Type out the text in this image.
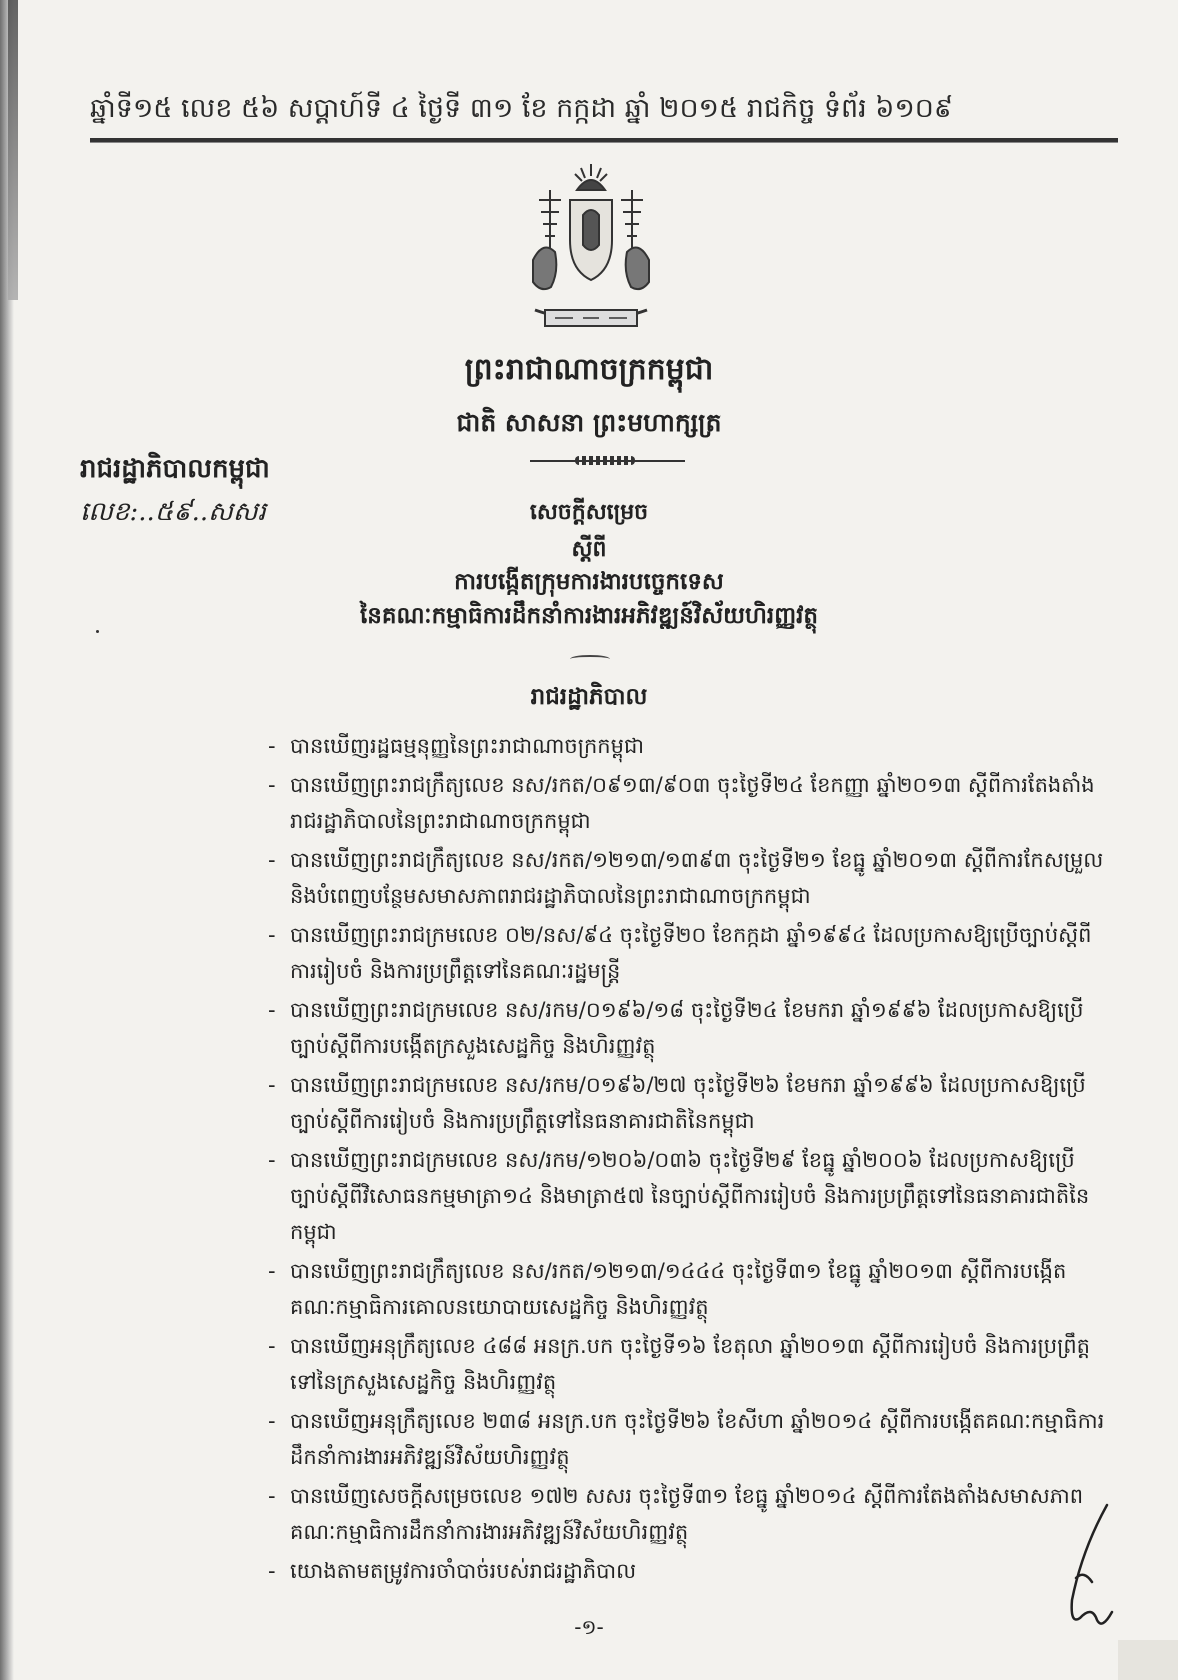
ឆ្នាំទី១៥ លេខ ៥៦ សប្តាហ៍ទី ៤ ថ្ងៃទី ៣១ ខែ កក្កដា ឆ្នាំ ២០១៥ រាជកិច្ច ទំព័រ ៦១០៩
ព្រះរាជាណាចក្រកម្ពុជា
ជាតិ សាសនា ព្រះមហាក្សត្រ
រាជរដ្ឋាភិបាលកម្ពុជា
លេខ:..៥៩..សសរ	សេចក្តីសម្រេច
ស្តីពី
ការបង្កើតក្រុមការងារបច្ចេកទេស
នៃគណៈកម្មាធិការដឹកនាំការងារអភិវឌ្ឍន៍វិស័យហិរញ្ញវត្ថុ
រាជរដ្ឋាភិបាល
- បានឃើញរដ្ឋធម្មនុញ្ញនៃព្រះរាជាណាចក្រកម្ពុជា
- បានឃើញព្រះរាជក្រឹត្យលេខ នស/រកត/០៩១៣/៩០៣ ចុះថ្ងៃទី២៤ ខែកញ្ញា ឆ្នាំ២០១៣ ស្តីពីការតែងតាំងរាជរដ្ឋាភិបាលនៃព្រះរាជាណាចក្រកម្ពុជា
- បានឃើញព្រះរាជក្រឹត្យលេខ នស/រកត/១២១៣/១៣៩៣ ចុះថ្ងៃទី២១ ខែធ្នូ ឆ្នាំ២០១៣ ស្តីពីការកែសម្រួលនិងបំពេញបន្ថែមសមាសភាពរាជរដ្ឋាភិបាលនៃព្រះរាជាណាចក្រកម្ពុជា
- បានឃើញព្រះរាជក្រមលេខ ០២/នស/៩៤ ចុះថ្ងៃទី២០ ខែកក្កដា ឆ្នាំ១៩៩៤ ដែលប្រកាសឱ្យប្រើច្បាប់ស្តីពីការរៀបចំ និងការប្រព្រឹត្តទៅនៃគណៈរដ្ឋមន្ត្រី
- បានឃើញព្រះរាជក្រមលេខ នស/រកម/០១៩៦/១៨ ចុះថ្ងៃទី២៤ ខែមករា ឆ្នាំ១៩៩៦ ដែលប្រកាសឱ្យប្រើច្បាប់ស្តីពីការបង្កើតក្រសួងសេដ្ឋកិច្ច និងហិរញ្ញវត្ថុ
- បានឃើញព្រះរាជក្រមលេខ នស/រកម/០១៩៦/២៧ ចុះថ្ងៃទី២៦ ខែមករា ឆ្នាំ១៩៩៦ ដែលប្រកាសឱ្យប្រើច្បាប់ស្តីពីការរៀបចំ និងការប្រព្រឹត្តទៅនៃធនាគារជាតិនៃកម្ពុជា
- បានឃើញព្រះរាជក្រមលេខ នស/រកម/១២០៦/០៣៦ ចុះថ្ងៃទី២៩ ខែធ្នូ ឆ្នាំ២០០៦ ដែលប្រកាសឱ្យប្រើច្បាប់ស្តីពីវិសោធនកម្មមាត្រា១៤ និងមាត្រា៥៧ នៃច្បាប់ស្តីពីការរៀបចំ និងការប្រព្រឹត្តទៅនៃធនាគារជាតិនៃកម្ពុជា
- បានឃើញព្រះរាជក្រឹត្យលេខ នស/រកត/១២១៣/១៤៤៤ ចុះថ្ងៃទី៣១ ខែធ្នូ ឆ្នាំ២០១៣ ស្តីពីការបង្កើតគណៈកម្មាធិការគោលនយោបាយសេដ្ឋកិច្ច និងហិរញ្ញវត្ថុ
- បានឃើញអនុក្រឹត្យលេខ ៤៨៨ អនក្រ.បក ចុះថ្ងៃទី១៦ ខែតុលា ឆ្នាំ២០១៣ ស្តីពីការរៀបចំ និងការប្រព្រឹត្តទៅនៃក្រសួងសេដ្ឋកិច្ច និងហិរញ្ញវត្ថុ
- បានឃើញអនុក្រឹត្យលេខ ២៣៨ អនក្រ.បក ចុះថ្ងៃទី២៦ ខែសីហា ឆ្នាំ២០១៤ ស្តីពីការបង្កើតគណៈកម្មាធិការដឹកនាំការងារអភិវឌ្ឍន៍វិស័យហិរញ្ញវត្ថុ
- បានឃើញសេចក្តីសម្រេចលេខ ១៧២ សសរ ចុះថ្ងៃទី៣១ ខែធ្នូ ឆ្នាំ២០១៤ ស្តីពីការតែងតាំងសមាសភាពគណៈកម្មាធិការដឹកនាំការងារអភិវឌ្ឍន៍វិស័យហិរញ្ញវត្ថុ
- យោងតាមតម្រូវការចាំបាច់របស់រាជរដ្ឋាភិបាល
-១-
